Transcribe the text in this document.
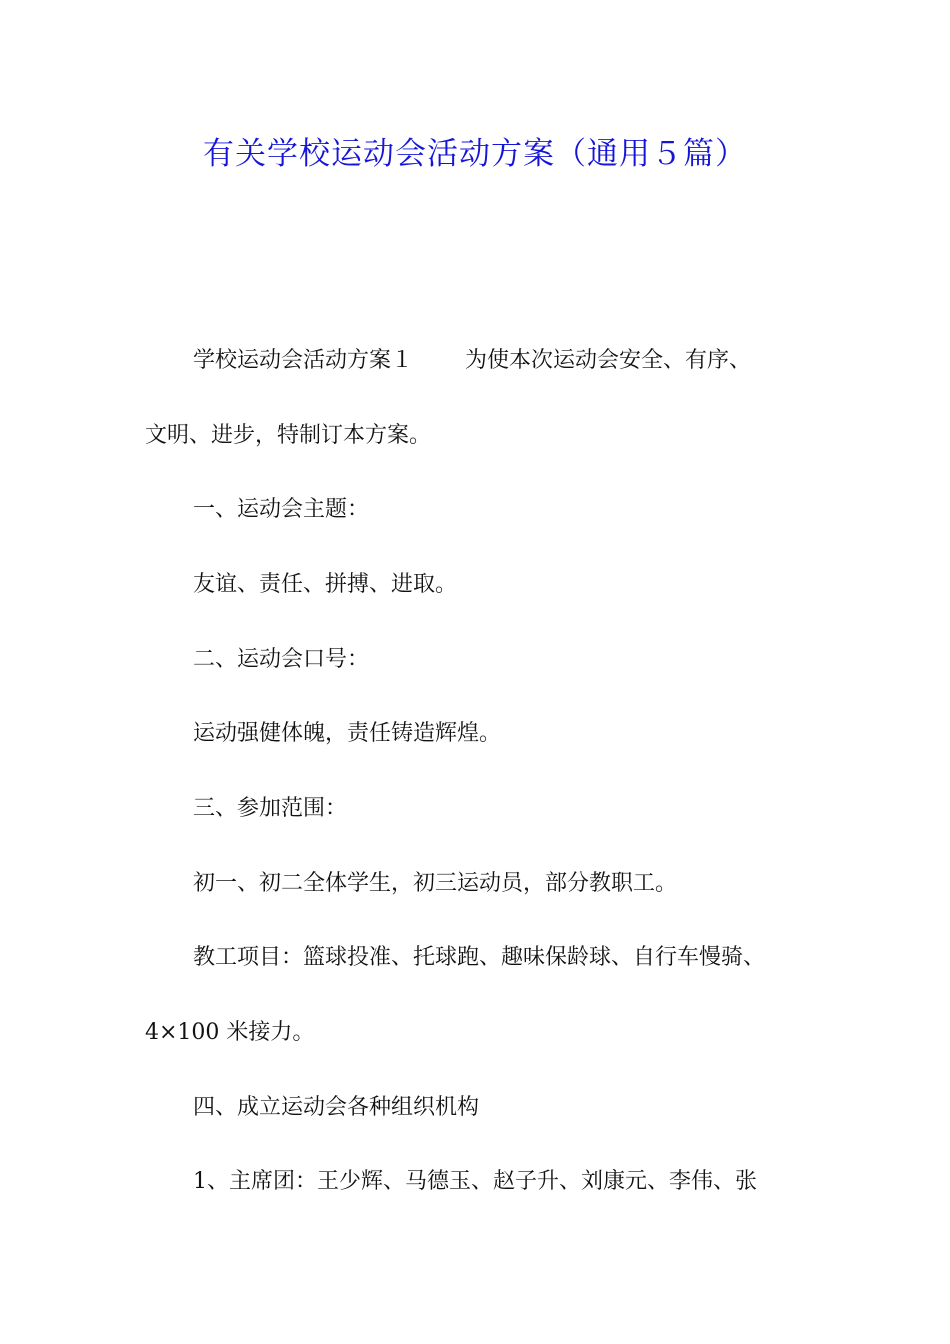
有关学校运动会活动方案（通用５篇）

学校运动会活动方案１ 为使本次运动会安全、有序、

文明、进步，特制订本方案。

一、运动会主题：

友谊、责任、拼搏、进取。

二、运动会口号：

运动强健体魄，责任铸造辉煌。

三、参加范围：

初一、初二全体学生，初三运动员，部分教职工。

教工项目：篮球投准、托球跑、趣味保龄球、自行车慢骑、

4×100 米接力。

四、成立运动会各种组织机构

1、主席团：王少辉、马德玉、赵子升、刘康元、李伟、张
